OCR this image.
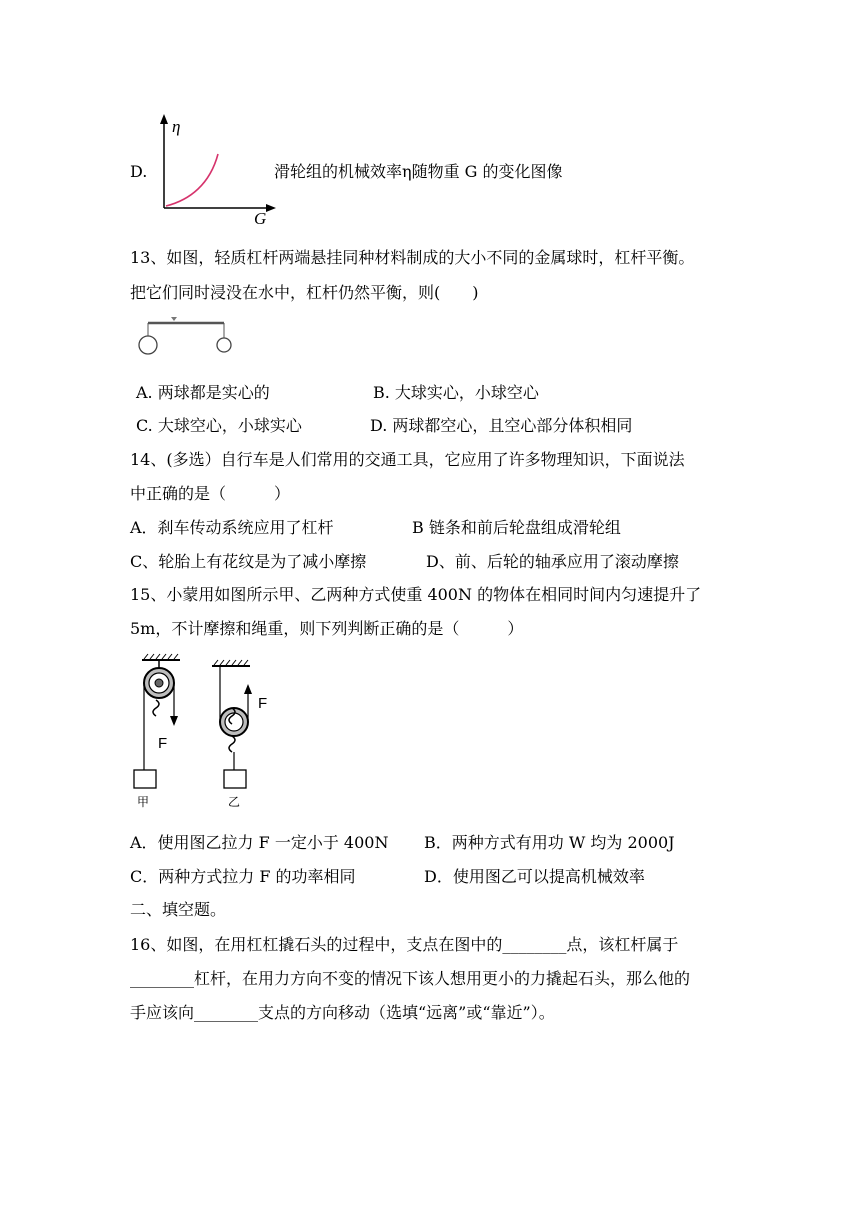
D.
η
G
滑轮组的机械效率η随物重 G 的变化图像
13、如图，轻质杠杆两端悬挂同种材料制成的大小不同的金属球时，杠杆平衡。
把它们同时浸没在水中，杠杆仍然平衡，则(　　)
A. 两球都是实心的	B. 大球实心，小球空心
C. 大球空心，小球实心	D. 两球都空心，且空心部分体积相同
14、(多选）自行车是人们常用的交通工具，它应用了许多物理知识，下面说法
中正确的是（　　　）
A．刹车传动系统应用了杠杆	B 链条和前后轮盘组成滑轮组
C、轮胎上有花纹是为了减小摩擦	D、前、后轮的轴承应用了滚动摩擦
15、小蒙用如图所示甲、乙两种方式使重 400N 的物体在相同时间内匀速提升了
5m，不计摩擦和绳重，则下列判断正确的是（　　　）
F
甲
F
乙
A．使用图乙拉力 F 一定小于 400N B．两种方式有用功 W 均为 2000J
C．两种方式拉力 F 的功率相同	D．使用图乙可以提高机械效率
二、填空题。
16、如图，在用杠杠撬石头的过程中，支点在图中的________点，该杠杆属于
________杠杆，在用力方向不变的情况下该人想用更小的力撬起石头，那么他的
手应该向________支点的方向移动（选填“远离”或“靠近”）。
